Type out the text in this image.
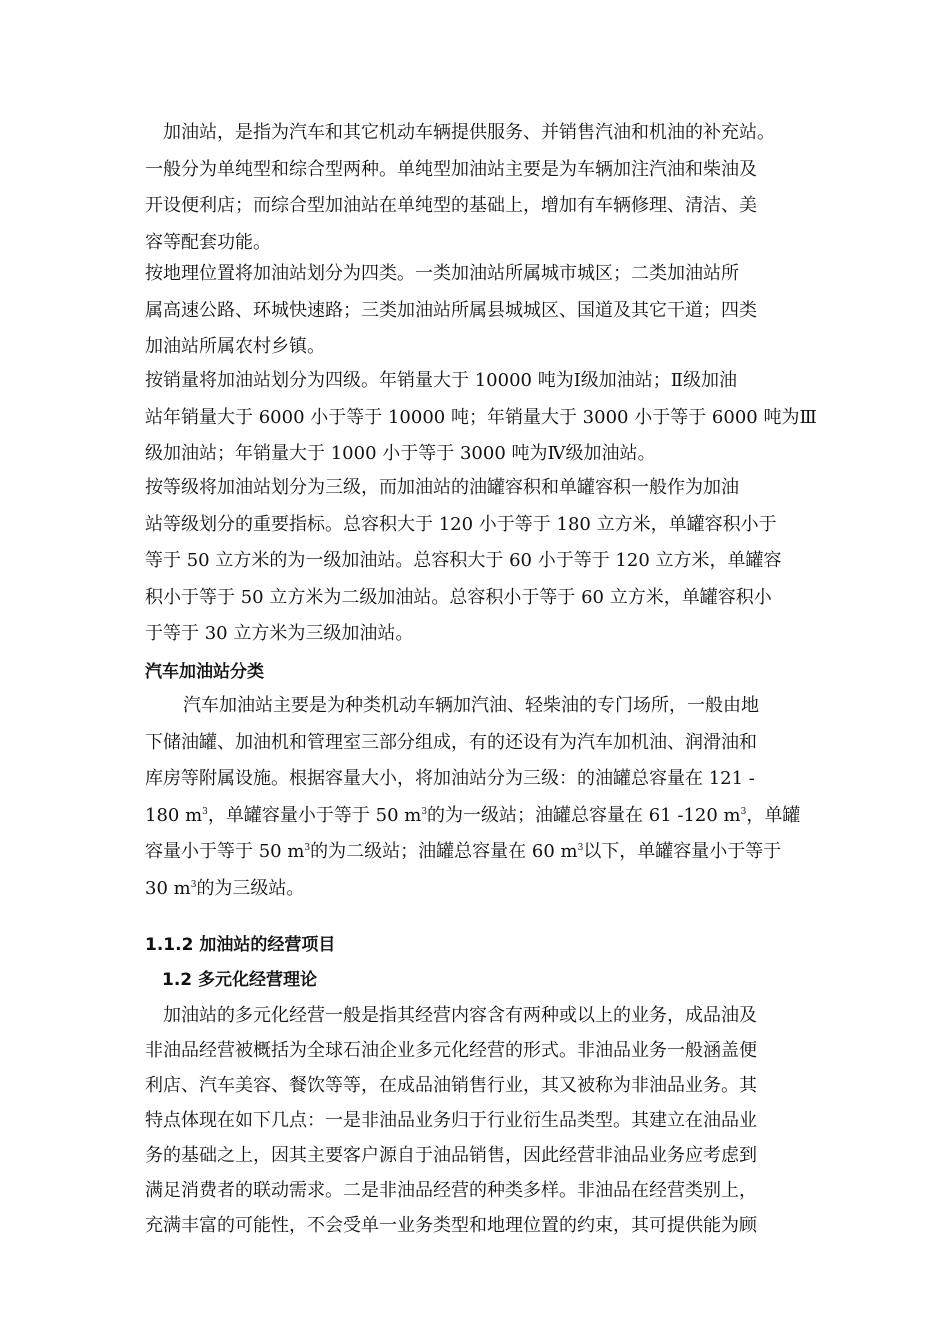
　加油站，是指为汽车和其它机动车辆提供服务、并销售汽油和机油的补充站。
一般分为单纯型和综合型两种。单纯型加油站主要是为车辆加注汽油和柴油及
开设便利店；而综合型加油站在单纯型的基础上，增加有车辆修理、清洁、美
容等配套功能。
按地理位置将加油站划分为四类。一类加油站所属城市城区；二类加油站所
属高速公路、环城快速路；三类加油站所属县城城区、国道及其它干道；四类
加油站所属农村乡镇。
按销量将加油站划分为四级。年销量大于 10000 吨为Ⅰ级加油站；Ⅱ级加油
站年销量大于 6000 小于等于 10000 吨；年销量大于 3000 小于等于 6000 吨为Ⅲ
级加油站；年销量大于 1000 小于等于 3000 吨为Ⅳ级加油站。
按等级将加油站划分为三级，而加油站的油罐容积和单罐容积一般作为加油
站等级划分的重要指标。总容积大于 120 小于等于 180 立方米，单罐容积小于
等于 50 立方米的为一级加油站。总容积大于 60 小于等于 120 立方米，单罐容
积小于等于 50 立方米为二级加油站。总容积小于等于 60 立方米，单罐容积小
于等于 30 立方米为三级加油站。
汽车加油站分类
汽车加油站主要是为种类机动车辆加汽油、轻柴油的专门场所，一般由地
下储油罐、加油机和管理室三部分组成，有的还设有为汽车加机油、润滑油和
库房等附属设施。根据容量大小，将加油站分为三级：的油罐总容量在 121 -
180 $m^3$，单罐容量小于等于 50 $m^3$的为一级站；油罐总容量在 61 -120 $m^3$，单罐
容量小于等于 50 $m^3$的为二级站；油罐总容量在 60 $m^3$以下，单罐容量小于等于
30 $m^3$的为三级站。
1.1.2 加油站的经营项目
1.2 多元化经营理论
加油站的多元化经营一般是指其经营内容含有两种或以上的业务，成品油及
非油品经营被概括为全球石油企业多元化经营的形式。非油品业务一般涵盖便
利店、汽车美容、餐饮等等，在成品油销售行业，其又被称为非油品业务。其
特点体现在如下几点：一是非油品业务归于行业衍生品类型。其建立在油品业
务的基础之上，因其主要客户源自于油品销售，因此经营非油品业务应考虑到
满足消费者的联动需求。二是非油品经营的种类多样。非油品在经营类别上，
充满丰富的可能性，不会受单一业务类型和地理位置的约束，其可提供能为顾
